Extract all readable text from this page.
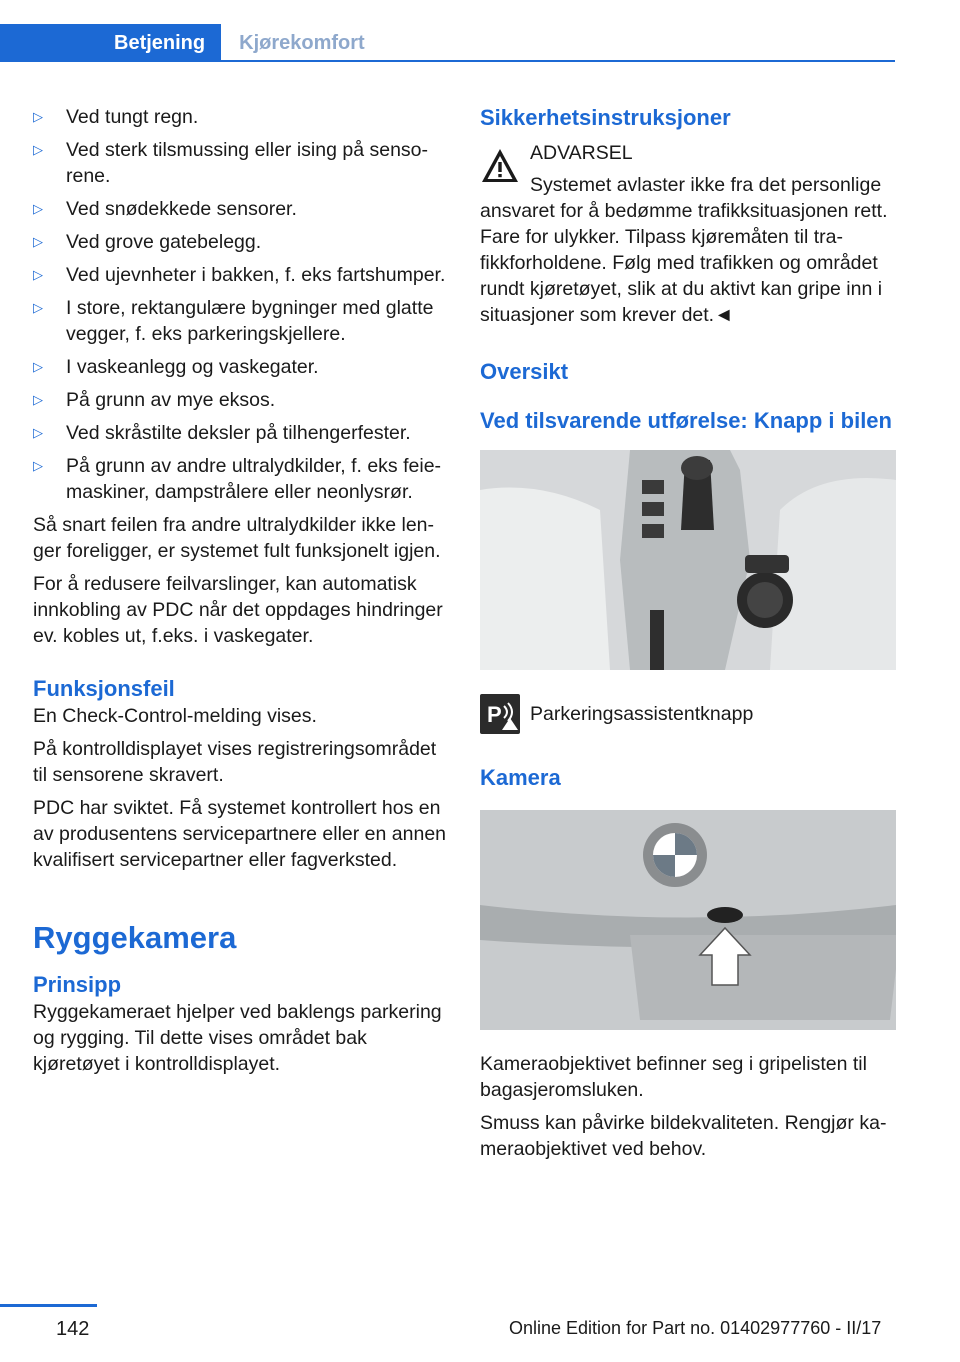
Betjening	Kjørekomfort
▷	Ved tungt regn.
▷	Ved sterk tilsmussing eller ising på sensorene.
▷	Ved snødekkede sensorer.
▷	Ved grove gatebelegg.
▷	Ved ujevnheter i bakken, f. eks fartshumper.
▷	I store, rektangulære bygninger med glatte vegger, f. eks parkeringskjellere.
▷	I vaskeanlegg og vaskegater.
▷	På grunn av mye eksos.
▷	Ved skråstilte deksler på tilhengerfester.
▷	På grunn av andre ultralydkilder, f. eks feiemaskiner, dampstrålere eller neonlysrør.

Så snart feilen fra andre ultralydkilder ikke lenger foreligger, er systemet fult funksjonelt igjen.

For å redusere feilvarslinger, kan automatisk innkobling av PDC når det oppdages hindringer ev. kobles ut, f.eks. i vaskegater.

Funksjonsfeil

En Check-Control-melding vises.

På kontrolldisplayet vises registreringsområdet til sensorene skravert.

PDC har sviktet. Få systemet kontrollert hos en av produsentens servicepartnere eller en annen kvalifisert servicepartner eller fagverksted.

Ryggekamera
Prinsipp

Ryggekameraet hjelper ved baklengs parkering og rygging. Til dette vises området bak kjøretøyet i kontrolldisplayet.

Sikkerhetsinstruksjoner
ADVARSEL
Systemet avlaster ikke fra det personlige

ansvaret for å bedømme trafikksituasjonen rett. Fare for ulykker. Tilpass kjøremåten til trafikkforholdene. Følg med trafikken og området rundt kjøretøyet, slik at du aktivt kan gripe inn i situasjoner som krever det.◄

Oversikt
Ved tilsvarende utførelse: Knapp i bilen
P Parkeringsassistentknapp
Kamera

Kameraobjektivet befinner seg i gripelisten til bagasjeromsluken.

Smuss kan påvirke bildekvaliteten. Rengjør kameraobjektivet ved behov.

142	Online Edition for Part no. 01402977760 - II/17
